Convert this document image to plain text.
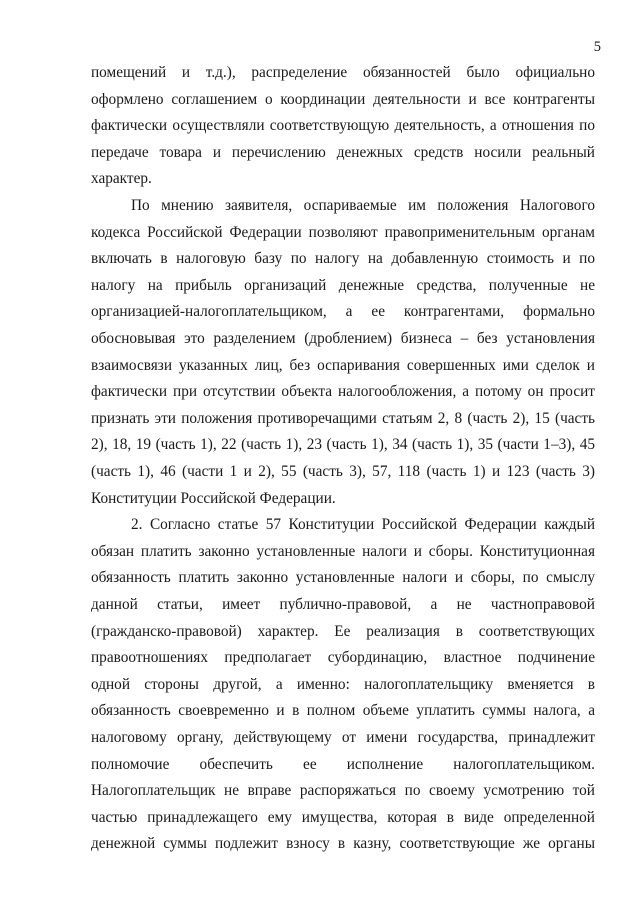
5
помещений и т.д.), распределение обязанностей было официально
оформлено соглашением о координации деятельности и все контрагенты
фактически осуществляли соответствующую деятельность, а отношения по
передаче товара и перечислению денежных средств носили реальный
характер.
По мнению заявителя, оспариваемые им положения Налогового
кодекса Российской Федерации позволяют правоприменительным органам
включать в налоговую базу по налогу на добавленную стоимость и по
налогу на прибыль организаций денежные средства, полученные не
организацией-налогоплательщиком, а ее контрагентами, формально
обосновывая это разделением (дроблением) бизнеса – без установления
взаимосвязи указанных лиц, без оспаривания совершенных ими сделок и
фактически при отсутствии объекта налогообложения, а потому он просит
признать эти положения противоречащими статьям 2, 8 (часть 2), 15 (часть
2), 18, 19 (часть 1), 22 (часть 1), 23 (часть 1), 34 (часть 1), 35 (части 1–3), 45
(часть 1), 46 (части 1 и 2), 55 (часть 3), 57, 118 (часть 1) и 123 (часть 3)
Конституции Российской Федерации.
2. Согласно статье 57 Конституции Российской Федерации каждый
обязан платить законно установленные налоги и сборы. Конституционная
обязанность платить законно установленные налоги и сборы, по смыслу
данной статьи, имеет публично-правовой, а не частноправовой
(гражданско-правовой) характер. Ее реализация в соответствующих
правоотношениях предполагает субординацию, властное подчинение
одной стороны другой, а именно: налогоплательщику вменяется в
обязанность своевременно и в полном объеме уплатить суммы налога, а
налоговому органу, действующему от имени государства, принадлежит
полномочие обеспечить ее исполнение налогоплательщиком.
Налогоплательщик не вправе распоряжаться по своему усмотрению той
частью принадлежащего ему имущества, которая в виде определенной
денежной суммы подлежит взносу в казну, соответствующие же органы
